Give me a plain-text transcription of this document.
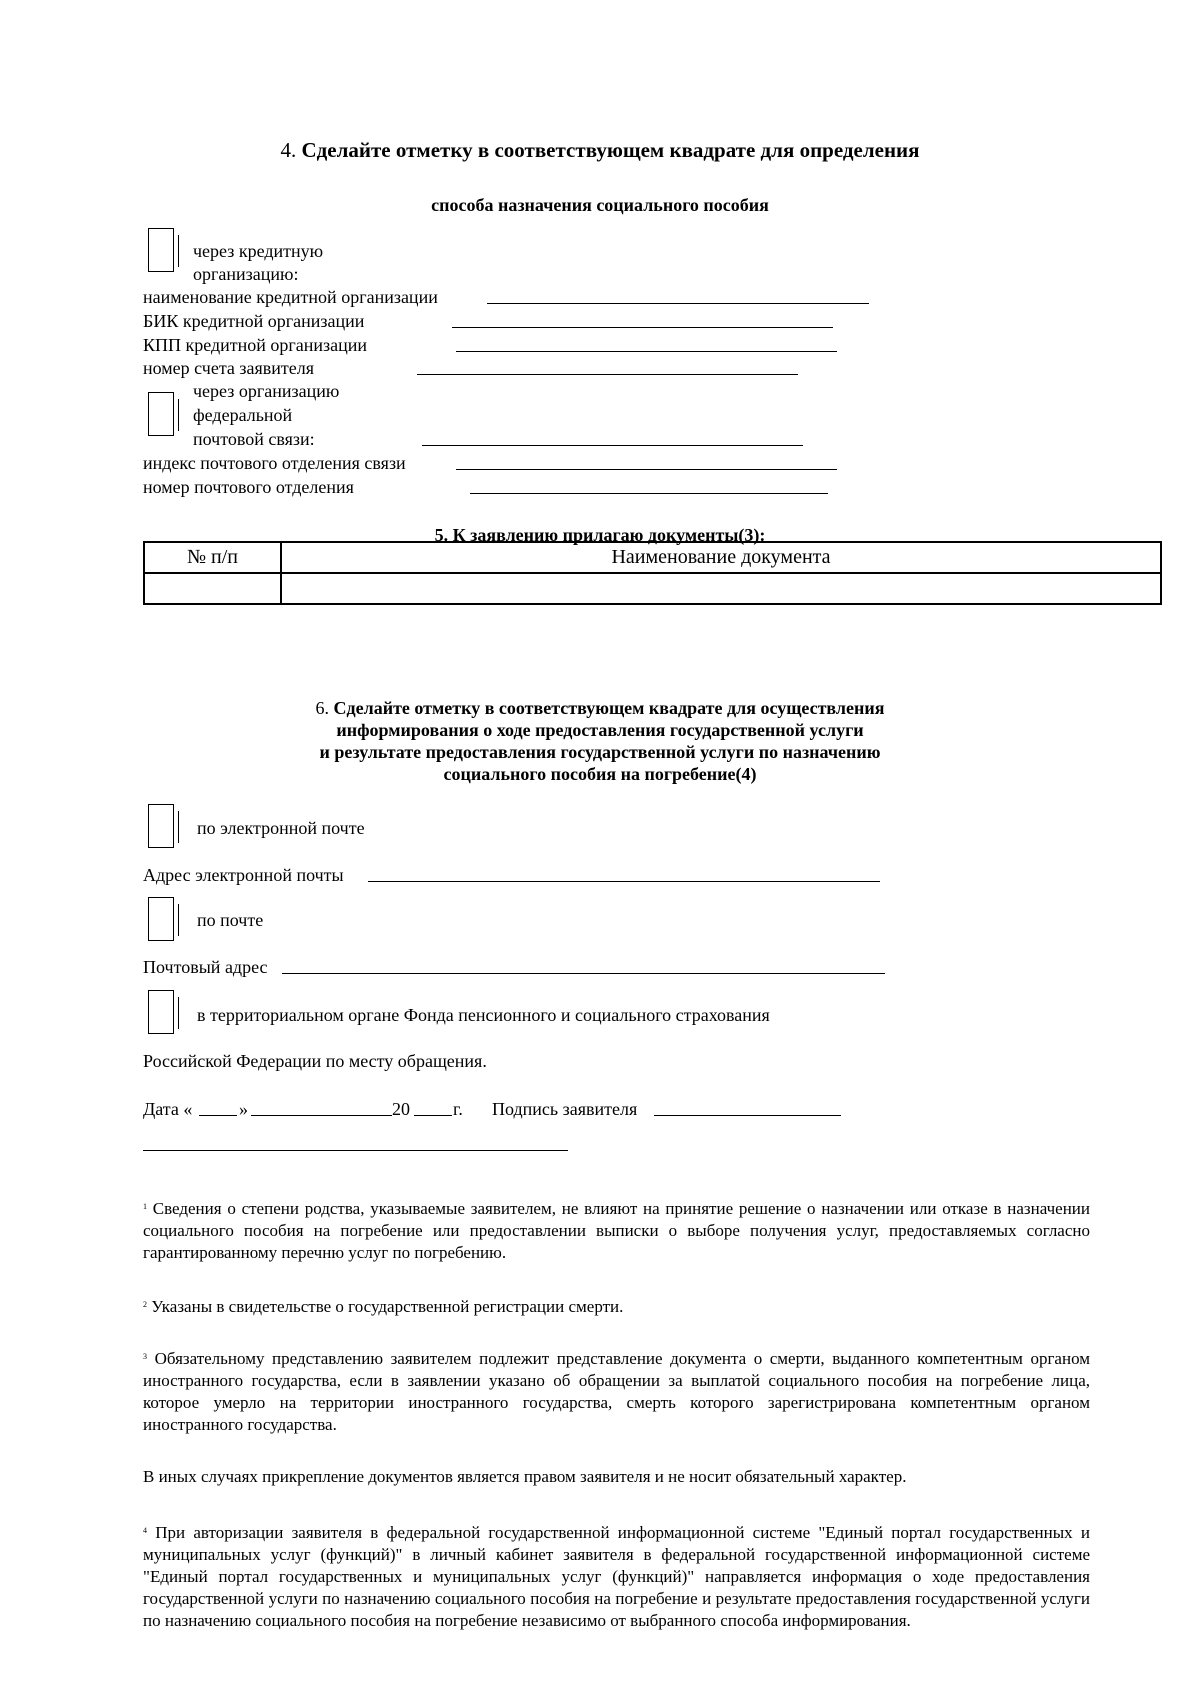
4. Сделайте отметку в соответствующем квадрате для определения
способа назначения социального пособия
через кредитную
организацию:
наименование кредитной организации
БИК кредитной организации
КПП кредитной организации
номер счета заявителя
через организацию
федеральной
почтовой связи:
индекс почтового отделения связи
номер почтового отделения
5. К заявлению прилагаю документы(3):
№ п/п	Наименование документа

6. Сделайте отметку в соответствующем квадрате для осуществления
информирования о ходе предоставления государственной услуги
и результате предоставления государственной услуги по назначению
социального пособия на погребение(4)
по электронной почте
Адрес электронной почты
по почте
Почтовый адрес
в территориальном органе Фонда пенсионного и социального страхования
Российской Федерации по месту обращения.
Дата «	»	20 г. Подпись заявителя
$^1$ Сведения о степени родства, указываемые заявителем, не влияют на принятие решение о назначении или отказе в назначении социального пособия на погребение или предоставлении выписки о выборе получения услуг, предоставляемых согласно гарантированному перечню услуг по погребению.
$^2$ Указаны в свидетельстве о государственной регистрации смерти.
$^3$ Обязательному представлению заявителем подлежит представление документа о смерти, выданного компетентным органом иностранного государства, если в заявлении указано об обращении за выплатой социального пособия на погребение лица, которое умерло на территории иностранного государства, смерть которого зарегистрирована компетентным органом иностранного государства.
В иных случаях прикрепление документов является правом заявителя и не носит обязательный характер.
$^4$ При авторизации заявителя в федеральной государственной информационной системе "Единый портал государственных и муниципальных услуг (функций)" в личный кабинет заявителя в федеральной государственной информационной системе "Единый портал государственных и муниципальных услуг (функций)" направляется информация о ходе предоставления государственной услуги по назначению социального пособия на погребение и результате предоставления государственной услуги по назначению социального пособия на погребение независимо от выбранного способа информирования.
